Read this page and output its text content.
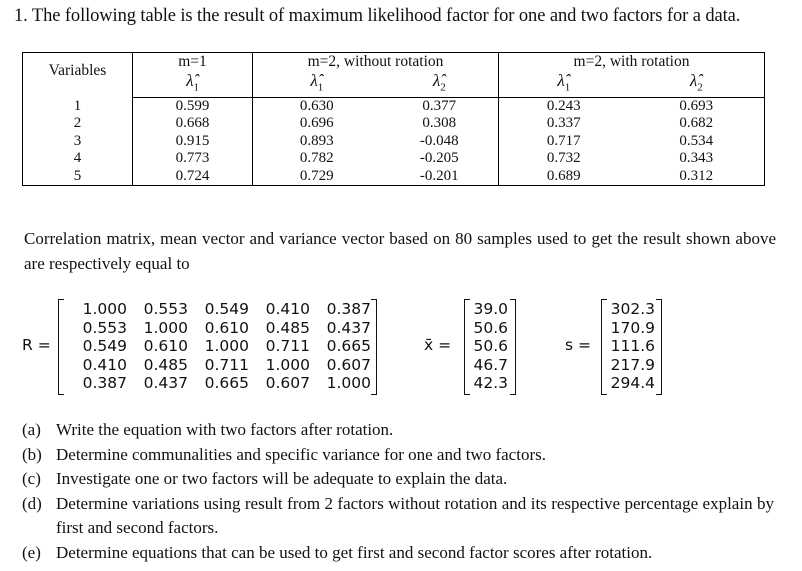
1. The following table is the result of maximum likelihood factor for one and two factors for a data.
Variables	m=1	m=2, without rotation		m=2, with rotation	
	$\lambdâ_1$	$\lambdâ_1$	$\lambdâ_2$	$\lambdâ_1$	$\lambdâ_2$
1	0.599	0.630	0.377	0.243	0.693
2	0.668	0.696	0.308	0.337	0.682
3	0.915	0.893	-0.048	0.717	0.534
4	0.773	0.782	-0.205	0.732	0.343
5	0.724	0.729	-0.201	0.689	0.312
Correlation matrix, mean vector and variance vector based on 80 samples used to get the result shown above are respectively equal to
R =
1.000 0.553 0.549 0.410 0.387
0.553 1.000 0.610 0.485 0.437
0.549 0.610 1.000 0.711 0.665
0.410 0.485 0.711 1.000 0.607
0.387 0.437 0.665 0.607 1.000
x̄ =
39.0
50.6
50.6
46.7
42.3
s =
302.3
170.9
111.6
217.9
294.4
(a) Write the equation with two factors after rotation.
(b) Determine communalities and specific variance for one and two factors.
(c) Investigate one or two factors will be adequate to explain the data.
(d) Determine variations using result from 2 factors without rotation and its respective percentage explain by first and second factors.
(e) Determine equations that can be used to get first and second factor scores after rotation.
